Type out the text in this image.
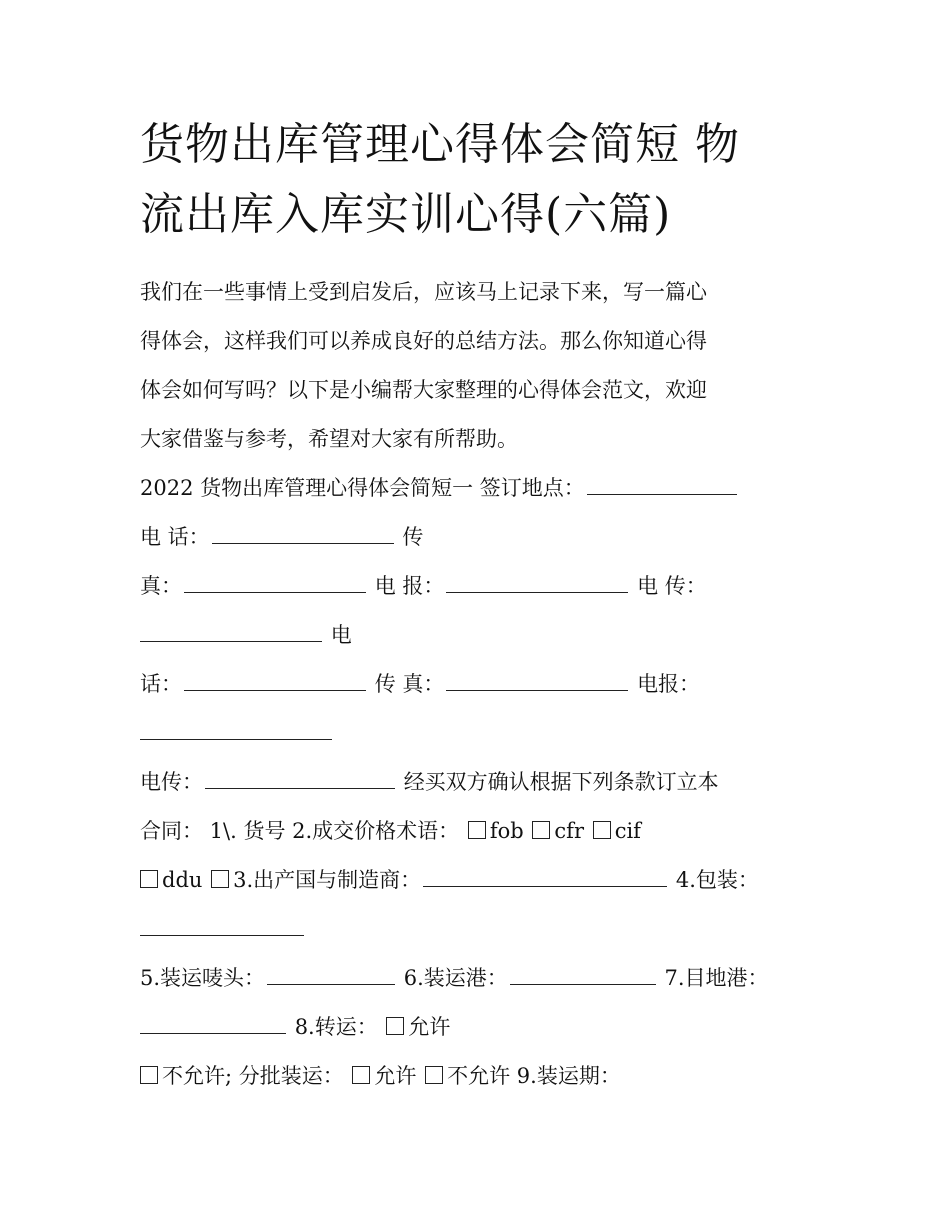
货物出库管理心得体会简短 物
流出库入库实训心得(六篇)
我们在一些事情上受到启发后，应该马上记录下来，写一篇心
得体会，这样我们可以养成良好的总结方法。那么你知道心得
体会如何写吗？以下是小编帮大家整理的心得体会范文，欢迎
大家借鉴与参考，希望对大家有所帮助。
2022 货物出库管理心得体会简短一 签订地点：
电 话：	传
真：	电 报：	电 传：
电
话：	传 真：	电报：
电传：	经买双方确认根据下列条款订立本
合同： 1\. 货号 2.成交价格术语： fob cfr cif
ddu 3.出产国与制造商：	4.包装：
5.装运唛头：	6.装运港：	7.目地港：
8.转运： 允许
不允许; 分批装运： 允许 不允许 9.装运期：
